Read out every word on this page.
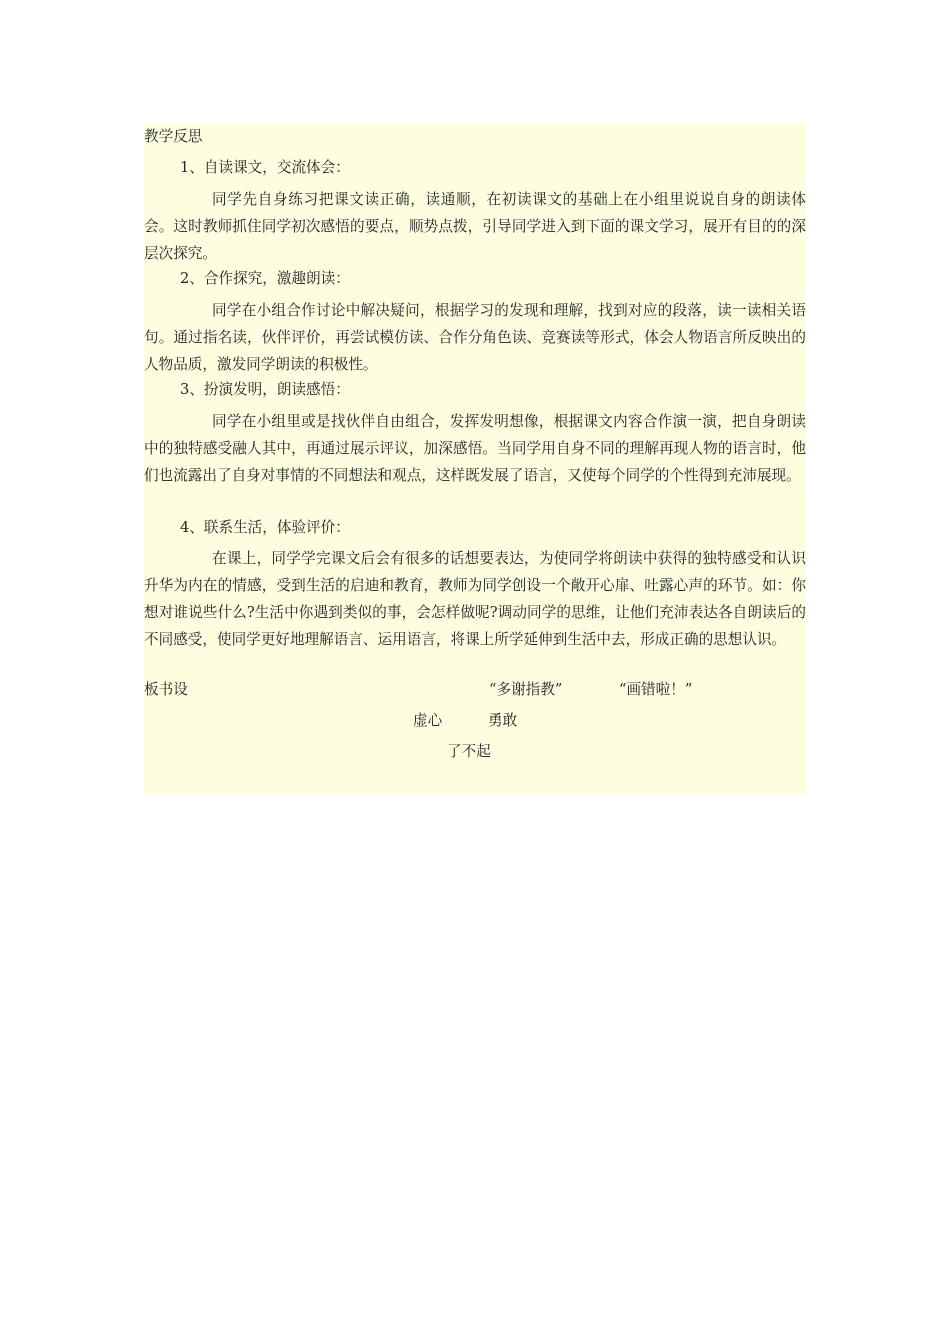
教学反思
1、自读课文，交流体会：
同学先自身练习把课文读正确，读通顺，在初读课文的基础上在小组里说说自身的朗读体会。这时教师抓住同学初次感悟的要点，顺势点拨，引导同学进入到下面的课文学习，展开有目的的深层次探究。
2、合作探究，激趣朗读：
同学在小组合作讨论中解决疑问，根据学习的发现和理解，找到对应的段落，读一读相关语句。通过指名读，伙伴评价，再尝试模仿读、合作分角色读、竞赛读等形式，体会人物语言所反映出的人物品质，激发同学朗读的积极性。
3、扮演发明，朗读感悟：
同学在小组里或是找伙伴自由组合，发挥发明想像，根据课文内容合作演一演，把自身朗读中的独特感受融人其中，再通过展示评议，加深感悟。当同学用自身不同的理解再现人物的语言时，他们也流露出了自身对事情的不同想法和观点，这样既发展了语言，又使每个同学的个性得到充沛展现。
4、联系生活，体验评价：
在课上，同学学完课文后会有很多的话想要表达，为使同学将朗读中获得的独特感受和认识升华为内在的情感，受到生活的启迪和教育，教师为同学创设一个敞开心扉、吐露心声的环节。如：你想对谁说些什么?生活中你遇到类似的事，会怎样做呢?调动同学的思维，让他们充沛表达各自朗读后的不同感受，使同学更好地理解语言、运用语言，将课上所学延伸到生活中去，形成正确的思想认识。
板书设	“多谢指教”	“画错啦！”
虚心	勇敢
了不起
